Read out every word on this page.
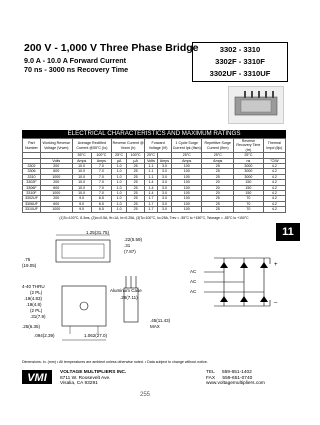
200 V - 1,000 V Three Phase Bridge
9.0 A - 10.0 A Forward Current
70 ns - 3000 ns Recovery Time
3302 - 3310
3302F - 3310F
3302UF - 3310UF
ELECTRICAL CHARACTERISTICS AND MAXIMUM RATINGS
Part Number	Working Reverse Voltage (Vrwm)	Average Rectified Current @55°C (Io)		Reverse Current @ Vrwm (Ir)		Forward Voltage (Vf)		1 Cycle Surge Current Ipk (Ifsm)	Repetitive Surge Current (Ifrm)	Reverse Recovery Time (trr)	Thermal Impd (θjc)
		55°C	100°C	25°C	100°C	25°C		25°C	25°C	25°C	
	Volts	Amps	Amps	μA	μA	Volts	Amps	Amps	Amps	ns	°C/W
3302	200	10.0	7.0	1.0	25	1.1	3.0	100	25	3000	4.2
3306	600	10.0	7.0	1.0	25	1.1	3.0	100	25	3000	4.2
3310	1000	10.0	7.0	1.0	25	1.1	3.0	100	25	3000	4.2
3302F	200	10.0	7.0	1.0	25	1.4	3.0	100	20	150	4.2
3306F	600	10.0	7.0	1.0	25	1.4	3.0	100	20	150	4.2
3310F	1000	10.0	7.0	1.0	25	1.4	3.0	100	20	150	4.2
3302UF	200	9.0	6.5	1.0	25	1.7	3.0	100	25	70	4.2
3306UF	600	9.0	6.5	1.0	25	1.7	3.0	100	25	70	4.2
3310UF	1000	9.0	6.5	1.0	25	1.7	3.0	100	25	70	4.2
(1)Tc=100°C, 8.3ms, (2)Io=0.5A, Ifr=1A, Irr=0.25A, (3)Tc=100°C, Io=25A, Trev = -55°C to +150°C, Tstorage = -55°C to +150°C
11
1.25(31.75)
.22(5.59)
.31
(7.87)
.75
(19.05)
4-40 THRU
(2 PL)	Aluminum Case
.19(4.83)	.28(7.11)
.19(4.8)
(2 PL)
.31(7.9)
.25(6.35)
.45(11.43)
MAX
.094(2.39)	1.062(27.0)
AC
AC
AC
+
–
Dimensions: in. (mm) • All temperatures are ambient unless otherwise noted. • Data subject to change without notice.
VMI	VOLTAGE MULTIPLIERS INC.
8711 W. Roosevelt Ave.
Visalia, CA 93291
TEL 559-651-1402
FAX 559-651-0740
www.voltagemultipliers.com
255
